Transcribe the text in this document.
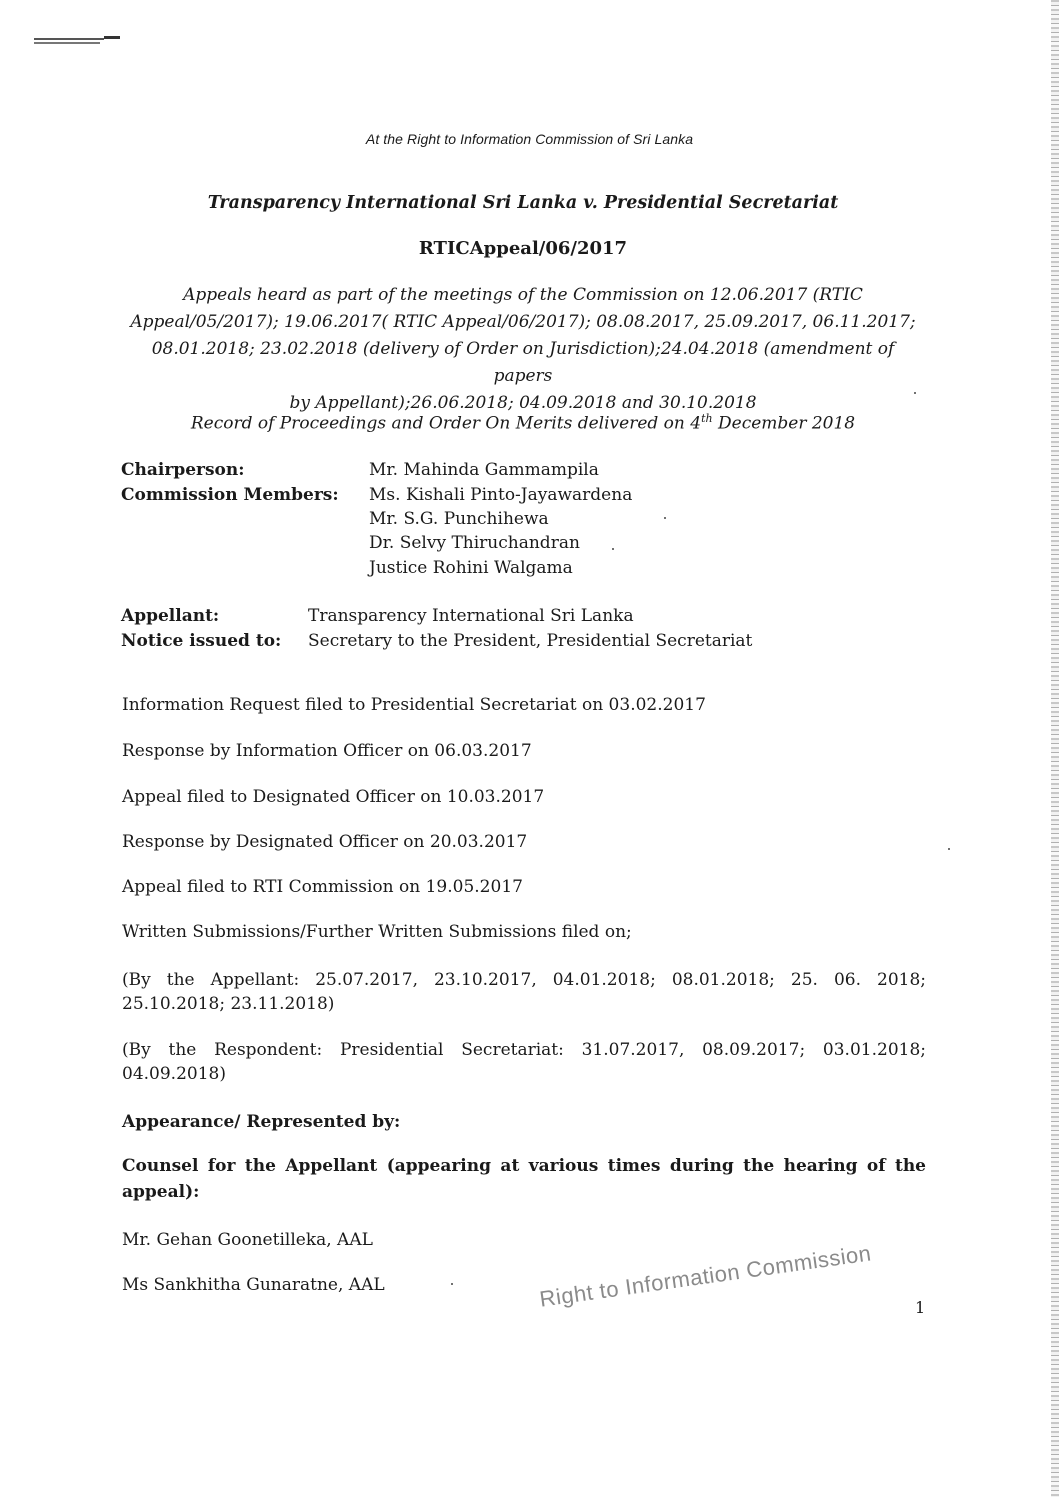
At the Right to Information Commission of Sri Lanka
Transparency International Sri Lanka v. Presidential Secretariat
RTICAppeal/06/2017
Appeals heard as part of the meetings of the Commission on 12.06.2017 (RTIC
Appeal/05/2017); 19.06.2017( RTIC Appeal/06/2017); 08.08.2017, 25.09.2017, 06.11.2017;
08.01.2018; 23.02.2018 (delivery of Order on Jurisdiction);24.04.2018 (amendment of papers
by Appellant);26.06.2018; 04.09.2018 and 30.10.2018
Record of Proceedings and Order On Merits delivered on 4th December 2018
Chairperson:	Mr. Mahinda Gammampila
Commission Members: Ms. Kishali Pinto-Jayawardena
Mr. S.G. Punchihewa
Dr. Selvy Thiruchandran
Justice Rohini Walgama
Appellant:	Transparency International Sri Lanka
Notice issued to: Secretary to the President, Presidential Secretariat
Information Request filed to Presidential Secretariat on 03.02.2017
Response by Information Officer on 06.03.2017
Appeal filed to Designated Officer on 10.03.2017
Response by Designated Officer on 20.03.2017
Appeal filed to RTI Commission on 19.05.2017
Written Submissions/Further Written Submissions filed on;
(By the Appellant: 25.07.2017, 23.10.2017, 04.01.2018; 08.01.2018; 25. 06. 2018;
25.10.2018; 23.11.2018)
(By the Respondent: Presidential Secretariat: 31.07.2017, 08.09.2017; 03.01.2018;
04.09.2018)
Appearance/ Represented by:
Counsel for the Appellant (appearing at various times during the hearing of the appeal):
Mr. Gehan Goonetilleka, AAL
Ms Sankhitha Gunaratne, AAL	Right to Information Commission	1
